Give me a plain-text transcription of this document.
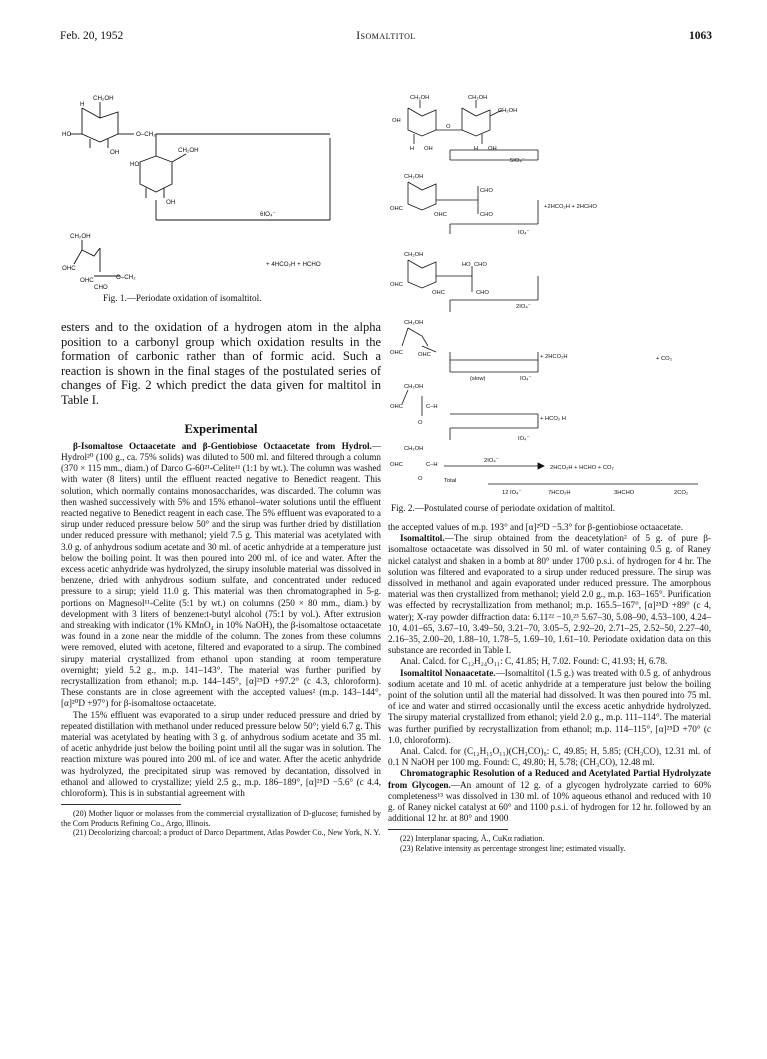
Feb. 20, 1952	Isomaltitol	1063
CH₂OH
H
HO	O–CH₂
OH	CH₂OH
HO
OH
6IO₄⁻
CH₂OH
OHC
OHC	O–CH₂
CHO
+ 4HCO₂H + HCHO
Fig. 1.—Periodate oxidation of isomaltitol.

esters and to the oxidation of a hydrogen atom in the alpha position to a carbonyl group which oxidation results in the formation of carbonic rather than of formic acid. Such a reaction is shown in the final stages of the postulated series of changes of Fig. 2 which predict the data given for maltitol in Table I.

Experimental

β-Isomaltose Octaacetate and β-Gentiobiose Octaacetate from Hydrol.—Hydrol²⁰ (100 g., ca. 75% solids) was diluted to 500 ml. and filtered through a column (370 × 115 mm., diam.) of Darco G-60²¹-Celite¹¹ (1:1 by wt.). The column was washed with water (8 liters) until the effluent reacted negative to Benedict reagent. This solution, which normally contains monosaccharides, was discarded. The column was then washed successively with 5% and 15% ethanol–water solutions until the effluent reacted negative to Benedict reagent in each case. The 5% effluent was evaporated to a sirup under reduced pressure below 50° and the sirup was further dried by distillation under reduced pressure with methanol; yield 7.5 g. This material was acetylated with 3.0 g. of anhydrous sodium acetate and 30 ml. of acetic anhydride at a temperature just below the boiling point. It was then poured into 200 ml. of ice and water. After the excess acetic anhydride was hydrolyzed, the sirupy insoluble material was dissolved in benzene, dried with anhydrous sodium sulfate, and concentrated under reduced pressure to a sirup; yield 11.0 g. This material was then chromatographed in 5-g. portions on Magnesol¹¹-Celite (5:1 by wt.) on columns (250 × 80 mm., diam.) by development with 3 liters of benzene:t-butyl alcohol (75:1 by vol.). After extrusion and streaking with indicator (1% KMnO₄ in 10% NaOH), the β-isomaltose octaacetate was found in a zone near the middle of the column. The zones from these columns were removed, eluted with acetone, filtered and evaporated to a sirup. The combined sirupy material crystallized from ethanol upon standing at room temperature overnight; yield 5.2 g., m.p. 141–143°. The material was further purified by recrystallization from ethanol; m.p. 144–145°, [α]²⁵D +97.2° (c 4.3, chloroform). These constants are in close agreement with the accepted values² (m.p. 143–144°, [α]²⁰D +97°) for β-isomaltose octaacetate.

The 15% effluent was evaporated to a sirup under reduced pressure and dried by repeated distillation with methanol under reduced pressure below 50°; yield 6.7 g. This material was acetylated by heating with 3 g. of anhydrous sodium acetate and 35 ml. of acetic anhydride just below the boiling point until all the sugar was in solution. The reaction mixture was poured into 200 ml. of ice and water. After the acetic anhydride was hydrolyzed, the precipitated sirup was removed by decantation, dissolved in ethanol and allowed to crystallize; yield 2.5 g., m.p. 186–189°, [α]²⁵D −5.6° (c 4.4, chloroform). This is in substantial agreement with

(20) Mother liquor or molasses from the commercial crystallization of D-glucose; furnished by the Corn Products Refining Co., Argo, Illinois.

(21) Decolorizing charcoal; a product of Darco Department, Atlas Powder Co., New York, N. Y.

CH₂OH	CH₂OH
CH₂OH
OH
O
H OH	H OH
5IO₄⁻
CH₂OH
OHC
CHO
OHC	CHO
+2HCO₂H + 2HCHO
IO₄⁻
CH₂OH
OHC
HO CHO
OHC	CHO
2IO₄⁻
CH₂OH
OHC	OHC
(slow)	IO₄⁻
+ 2HCO₂H	+ CO₂
CH₂OH
OHC	C–H
O
+ HCO₂ H
IO₄⁻
CH₂OH
OHC	C–H
O
2IO₄⁻
2HCO₂H + HCHO + CO₂
Total
12 IO₄⁻	7HCO₂H	3HCHO	2CO₂
Fig. 2.—Postulated course of periodate oxidation of maltitol.

the accepted values of m.p. 193° and [α]²⁰D −5.3° for β-gentiobiose octaacetate.

Isomaltitol.—The sirup obtained from the deacetylation² of 5 g. of pure β-isomaltose octaacetate was dissolved in 50 ml. of water containing 0.5 g. of Raney nickel catalyst and shaken in a bomb at 80° under 1700 p.s.i. of hydrogen for 4 hr. The solution was filtered and evaporated to a sirup under reduced pressure. The sirup was dissolved in methanol and again evaporated under reduced pressure. The amorphous material was then crystallized from methanol; yield 2.0 g., m.p. 163–165°. Purification was effected by recrystallization from methanol; m.p. 165.5–167°, [α]²⁵D +89° (c 4, water); X-ray powder diffraction data: 6.11²² −10,²³ 5.67–30, 5.08–90, 4.53–100, 4.24–10, 4.01–65, 3.67–10, 3.49–50, 3.21–70, 3.05–5, 2.92–20, 2.71–25, 2.52–50, 2.27–40, 2.16–35, 2.00–20, 1.88–10, 1.78–5, 1.69–10, 1.61–10. Periodate oxidation data on this substance are recorded in Table I.

Anal. Calcd. for C₁₂H₂₄O₁₁: C, 41.85; H, 7.02. Found: C, 41.93; H, 6.78.

Isomaltitol Nonaacetate.—Isomaltitol (1.5 g.) was treated with 0.5 g. of anhydrous sodium acetate and 10 ml. of acetic anhydride at a temperature just below the boiling point of the solution until all the material had dissolved. It was then poured into 75 ml. of ice and water and stirred occasionally until the excess acetic anhydride hydrolyzed. The sirupy material crystallized from ethanol; yield 2.0 g., m.p. 111–114°. The material was further purified by recrystallization from ethanol; m.p. 114–115°, [α]²⁵D +70° (c 1.0, chloroform).

Anal. Calcd. for (C₁₂H₁₅O₁₁)(CH₃CO)₉: C, 49.85; H, 5.85; (CH₃CO), 12.31 ml. of 0.1 N NaOH per 100 mg. Found: C, 49.80; H, 5.78; (CH₃CO), 12.48 ml.

Chromatographic Resolution of a Reduced and Acetylated Partial Hydrolyzate from Glycogen.—An amount of 12 g. of a glycogen hydrolyzate carried to 60% completeness¹³ was dissolved in 130 ml. of 10% aqueous ethanol and reduced with 10 g. of Raney nickel catalyst at 60° and 1100 p.s.i. of hydrogen for 12 hr. followed by an additional 12 hr. at 80° and 1900

(22) Interplanar spacing, Å., CuKα radiation.

(23) Relative intensity as percentage strongest line; estimated visually.
